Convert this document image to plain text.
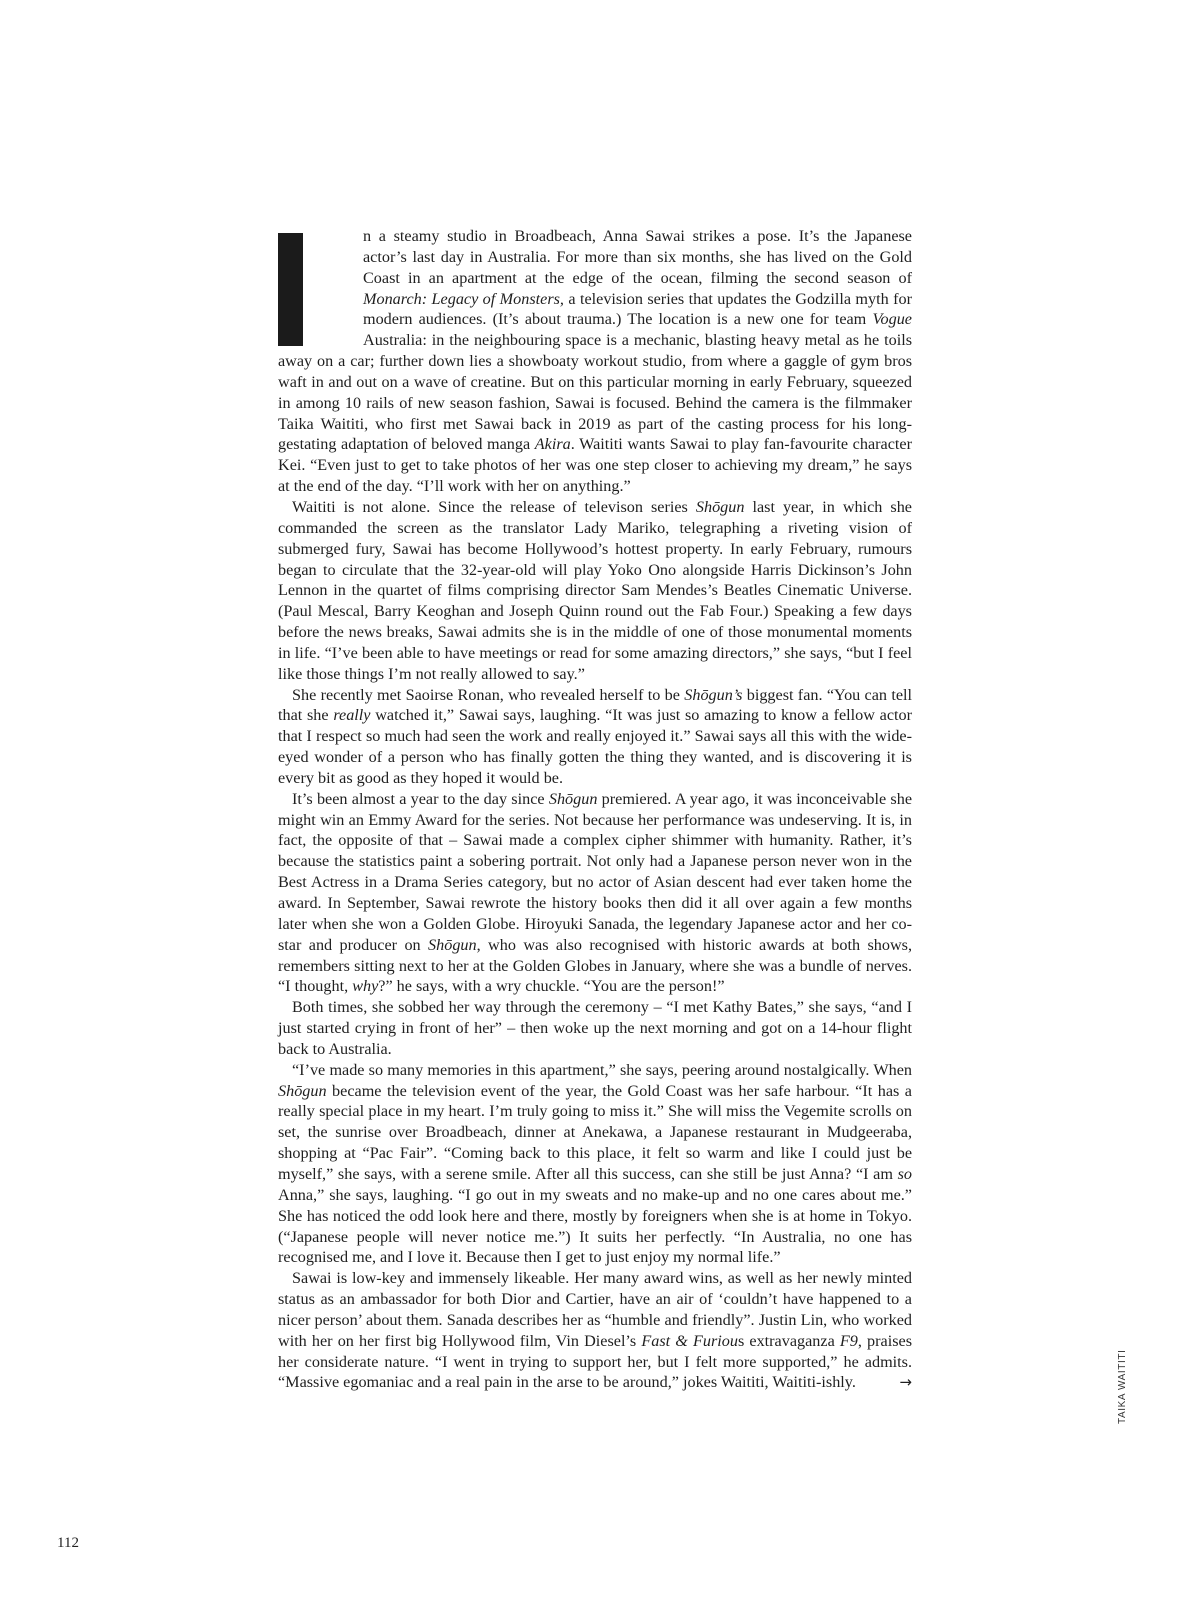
n a steamy studio in Broadbeach, Anna Sawai strikes a pose. It’s the Japanese actor’s last day in Australia. For more than six months, she has lived on the Gold Coast in an apartment at the edge of the ocean, filming the second season of Monarch: Legacy of Monsters, a television series that updates the Godzilla myth for modern audiences. (It’s about trauma.) The location is a new one for team Vogue Australia: in the neighbouring space is a mechanic, blasting heavy metal as he toils away on a car; further down lies a showboaty workout studio, from where a gaggle of gym bros waft in and out on a wave of creatine. But on this particular morning in early February, squeezed in among 10 rails of new season fashion, Sawai is focused. Behind the camera is the filmmaker Taika Waititi, who first met Sawai back in 2019 as part of the casting process for his long-gestating adaptation of beloved manga Akira. Waititi wants Sawai to play fan-favourite character Kei. “Even just to get to take photos of her was one step closer to achieving my dream,” he says at the end of the day. “I’ll work with her on anything.”

Waititi is not alone. Since the release of televison series Shōgun last year, in which she commanded the screen as the translator Lady Mariko, telegraphing a riveting vision of submerged fury, Sawai has become Hollywood’s hottest property. In early February, rumours began to circulate that the 32-year-old will play Yoko Ono alongside Harris Dickinson’s John Lennon in the quartet of films comprising director Sam Mendes’s Beatles Cinematic Universe. (Paul Mescal, Barry Keoghan and Joseph Quinn round out the Fab Four.) Speaking a few days before the news breaks, Sawai admits she is in the middle of one of those monumental moments in life. “I’ve been able to have meetings or read for some amazing directors,” she says, “but I feel like those things I’m not really allowed to say.”

She recently met Saoirse Ronan, who revealed herself to be Shōgun’s biggest fan. “You can tell that she really watched it,” Sawai says, laughing. “It was just so amazing to know a fellow actor that I respect so much had seen the work and really enjoyed it.” Sawai says all this with the wide-eyed wonder of a person who has finally gotten the thing they wanted, and is discovering it is every bit as good as they hoped it would be.

It’s been almost a year to the day since Shōgun premiered. A year ago, it was inconceivable she might win an Emmy Award for the series. Not because her performance was undeserving. It is, in fact, the opposite of that – Sawai made a complex cipher shimmer with humanity. Rather, it’s because the statistics paint a sobering portrait. Not only had a Japanese person never won in the Best Actress in a Drama Series category, but no actor of Asian descent had ever taken home the award. In September, Sawai rewrote the history books then did it all over again a few months later when she won a Golden Globe. Hiroyuki Sanada, the legendary Japanese actor and her co-star and producer on Shōgun, who was also recognised with historic awards at both shows, remembers sitting next to her at the Golden Globes in January, where she was a bundle of nerves. “I thought, why?” he says, with a wry chuckle. “You are the person!”

Both times, she sobbed her way through the ceremony – “I met Kathy Bates,” she says, “and I just started crying in front of her” – then woke up the next morning and got on a 14-hour flight back to Australia.

“I’ve made so many memories in this apartment,” she says, peering around nostalgically. When Shōgun became the television event of the year, the Gold Coast was her safe harbour. “It has a really special place in my heart. I’m truly going to miss it.” She will miss the Vegemite scrolls on set, the sunrise over Broadbeach, dinner at Anekawa, a Japanese restaurant in Mudgeeraba, shopping at “Pac Fair”. “Coming back to this place, it felt so warm and like I could just be myself,” she says, with a serene smile. After all this success, can she still be just Anna? “I am so Anna,” she says, laughing. “I go out in my sweats and no make-up and no one cares about me.” She has noticed the odd look here and there, mostly by foreigners when she is at home in Tokyo. (“Japanese people will never notice me.”) It suits her perfectly. “In Australia, no one has recognised me, and I love it. Because then I get to just enjoy my normal life.”

Sawai is low-key and immensely likeable. Her many award wins, as well as her newly minted status as an ambassador for both Dior and Cartier, have an air of ‘couldn’t have happened to a nicer person’ about them. Sanada describes her as “humble and friendly”. Justin Lin, who worked with her on her first big Hollywood film, Vin Diesel’s Fast & Furious extravaganza F9, praises her considerate nature. “I went in trying to support her, but I felt more supported,” he admits. “Massive egomaniac and a real pain in the arse to be around,” jokes Waititi, Waititi-ishly.	→	TAIKA WAITITI
112
